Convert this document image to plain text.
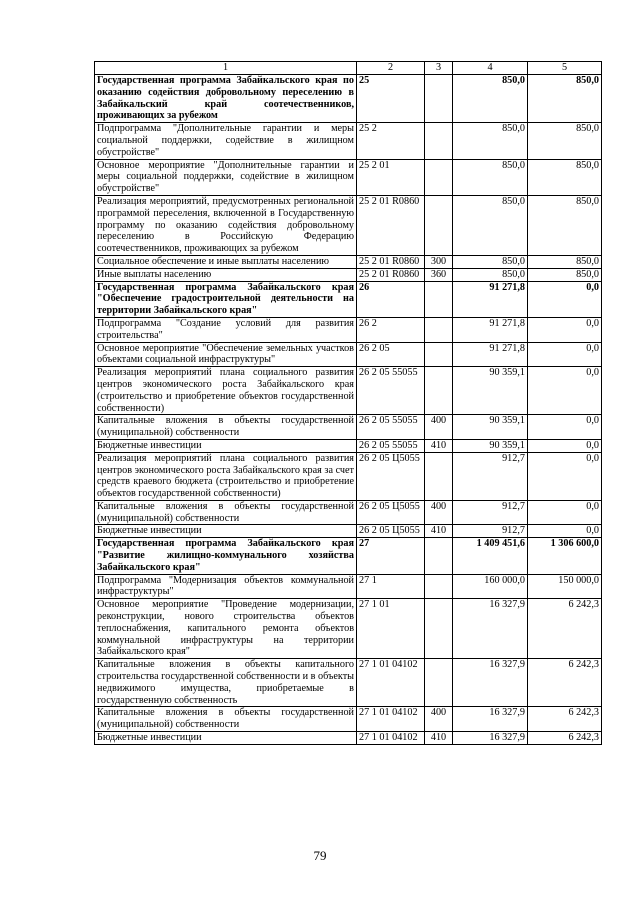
1	2	3	4	5
Государственная программа Забайкальского края по оказанию содействия добровольному переселению в Забайкальский край соотечественников, проживающих за рубежом	25		850,0	850,0
Подпрограмма "Дополнительные гарантии и меры социальной поддержки, содействие в жилищном обустройстве"	25 2		850,0	850,0
Основное мероприятие "Дополнительные гарантии и меры социальной поддержки, содействие в жилищном обустройстве"	25 2 01		850,0	850,0
Реализация мероприятий, предусмотренных региональной программой переселения, включенной в Государственную программу по оказанию содействия добровольному переселению в Российскую Федерацию соотечественников, проживающих за рубежом	25 2 01 R0860		850,0	850,0
Социальное обеспечение и иные выплаты населению	25 2 01 R0860	300	850,0	850,0
Иные выплаты населению	25 2 01 R0860	360	850,0	850,0
Государственная программа Забайкальского края "Обеспечение градостроительной деятельности на территории Забайкальского края"	26		91 271,8	0,0
Подпрограмма "Создание условий для развития строительства"	26 2		91 271,8	0,0
Основное мероприятие "Обеспечение земельных участков объектами социальной инфраструктуры"	26 2 05		91 271,8	0,0
Реализация мероприятий плана социального развития центров экономического роста Забайкальского края (строительство и приобретение объектов государственной собственности)	26 2 05 55055		90 359,1	0,0
Капитальные вложения в объекты государственной (муниципальной) собственности	26 2 05 55055	400	90 359,1	0,0
Бюджетные инвестиции	26 2 05 55055	410	90 359,1	0,0
Реализация мероприятий плана социального развития центров экономического роста Забайкальского края за счет средств краевого бюджета (строительство и приобретение объектов государственной собственности)	26 2 05 Ц5055		912,7	0,0
Капитальные вложения в объекты государственной (муниципальной) собственности	26 2 05 Ц5055	400	912,7	0,0
Бюджетные инвестиции	26 2 05 Ц5055	410	912,7	0,0
Государственная программа Забайкальского края "Развитие жилищно-коммунального хозяйства Забайкальского края"	27		1 409 451,6	1 306 600,0
Подпрограмма "Модернизация объектов коммунальной инфраструктуры"	27 1		160 000,0	150 000,0
Основное мероприятие "Проведение модернизации, реконструкции, нового строительства объектов теплоснабжения, капитального ремонта объектов коммунальной инфраструктуры на территории Забайкальского края"	27 1 01		16 327,9	6 242,3
Капитальные вложения в объекты капитального строительства государственной собственности и в объекты недвижимого имущества, приобретаемые в государственную собственность	27 1 01 04102		16 327,9	6 242,3
Капитальные вложения в объекты государственной (муниципальной) собственности	27 1 01 04102	400	16 327,9	6 242,3
Бюджетные инвестиции	27 1 01 04102	410	16 327,9	6 242,3
79
